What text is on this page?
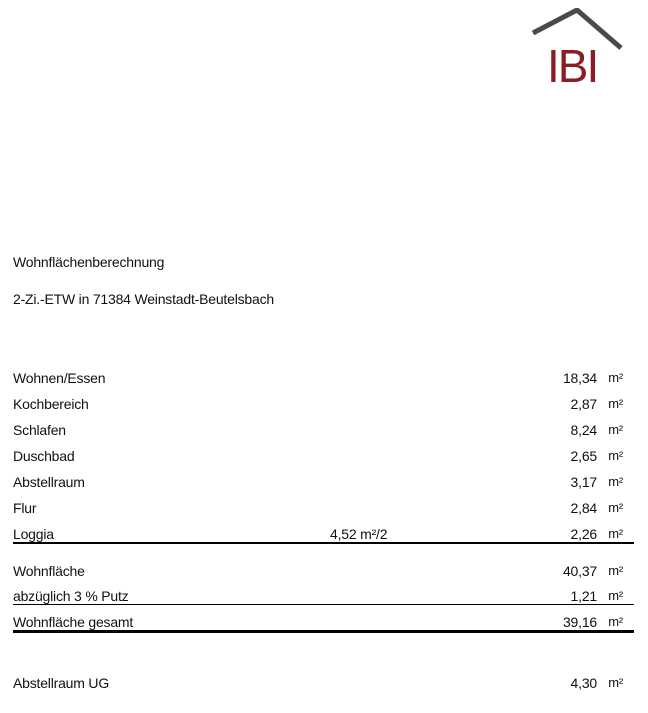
IBI
Wohnflächenberechnung
2-Zi.-ETW in 71384 Weinstadt-Beutelsbach
Wohnen/Essen	18,34 m²
Kochbereich	2,87 m²
Schlafen	8,24 m²
Duschbad	2,65 m²
Abstellraum	3,17 m²
Flur	2,84 m²
Loggia	4,52 m²/2	2,26 m²
Wohnfläche	40,37 m²
abzüglich 3 % Putz	1,21 m²
Wohnfläche gesamt	39,16 m²
Abstellraum UG	4,30 m²
